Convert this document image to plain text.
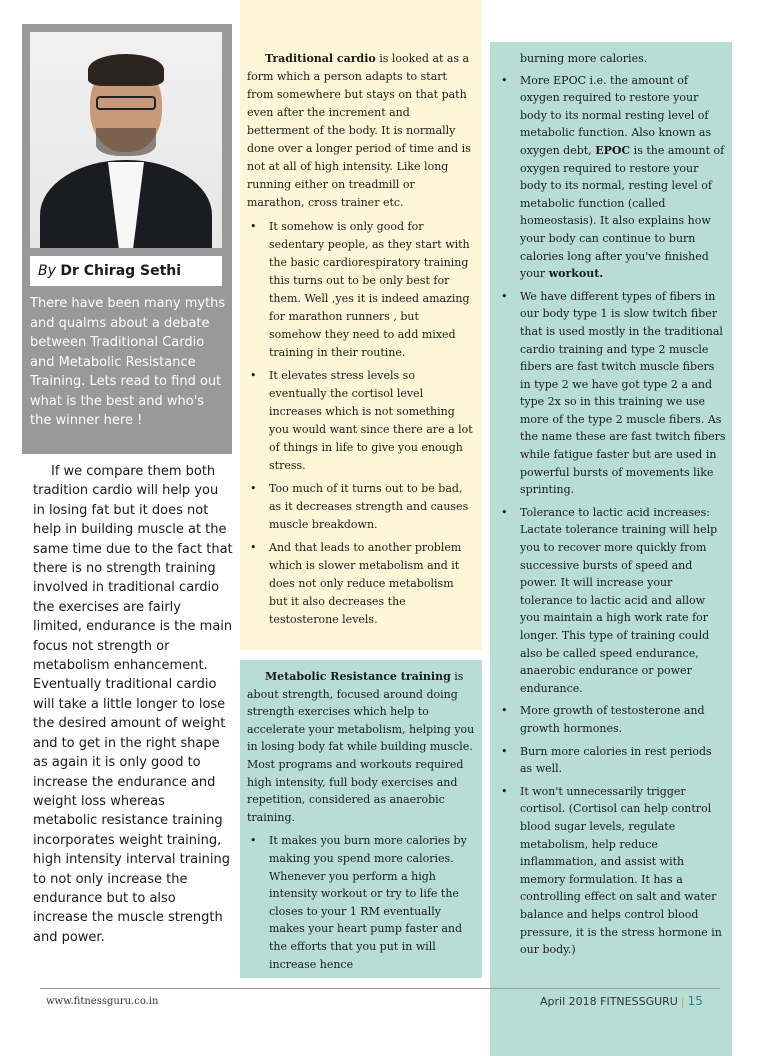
By Dr Chirag Sethi
There have been many myths and qualms about a debate between Traditional Cardio and Metabolic Resistance Training. Lets read to find out what is the best and who's the winner here !
If we compare them both tradition cardio will help you in losing fat but it does not help in building muscle at the same time due to the fact that there is no strength training involved in traditional cardio the exercises are fairly limited, endurance is the main focus not strength or metabolism enhancement. Eventually traditional cardio will take a little longer to lose the desired amount of weight and to get in the right shape as again it is only good to increase the endurance and weight loss whereas metabolic resistance training incorporates weight training, high intensity interval training to not only increase the endurance but to also increase the muscle strength and power.

Traditional cardio is looked at as a form which a person adapts to start from somewhere but stays on that path even after the increment and betterment of the body. It is normally done over a longer period of time and is not at all of high intensity. Like long running either on treadmill or marathon, cross trainer etc.

• It somehow is only good for sedentary people, as they start with the basic cardiorespiratory training this turns out to be only best for them. Well ,yes it is indeed amazing for marathon runners , but somehow they need to add mixed training in their routine.
• It elevates stress levels so eventually the cortisol level increases which is not something you would want since there are a lot of things in life to give you enough stress.
• Too much of it turns out to be bad, as it decreases strength and causes muscle breakdown.
• And that leads to another problem which is slower metabolism and it does not only reduce metabolism but it also decreases the testosterone levels.

Metabolic Resistance training is about strength, focused around doing strength exercises which help to accelerate your metabolism, helping you in losing body fat while building muscle. Most programs and workouts required high intensity, full body exercises and repetition, considered as anaerobic training.

• It makes you burn more calories by making you spend more calories. Whenever you perform a high intensity workout or try to life the closes to your 1 RM eventually makes your heart pump faster and the efforts that you put in will increase hence

burning more calories.

• More EPOC i.e. the amount of oxygen required to restore your body to its normal resting level of metabolic function. Also known as oxygen debt, EPOC is the amount of oxygen required to restore your body to its normal, resting level of metabolic function (called homeostasis). It also explains how your body can continue to burn calories long after you've finished your workout.
• We have different types of fibers in our body type 1 is slow twitch fiber that is used mostly in the traditional cardio training and type 2 muscle fibers are fast twitch muscle fibers in type 2 we have got type 2 a and type 2x so in this training we use more of the type 2 muscle fibers. As the name these are fast twitch fibers while fatigue faster but are used in powerful bursts of movements like sprinting.
• Tolerance to lactic acid increases: Lactate tolerance training will help you to recover more quickly from successive bursts of speed and power. It will increase your tolerance to lactic acid and allow you maintain a high work rate for longer. This type of training could also be called speed endurance, anaerobic endurance or power endurance.
• More growth of testosterone and growth hormones.
• Burn more calories in rest periods as well.
• It won't unnecessarily trigger cortisol. (Cortisol can help control blood sugar levels, regulate metabolism, help reduce inflammation, and assist with memory formulation. It has a controlling effect on salt and water balance and helps control blood pressure, it is the stress hormone in our body.)
www.fitnessguru.co.in	April 2018 FITNESSGURU | 15
